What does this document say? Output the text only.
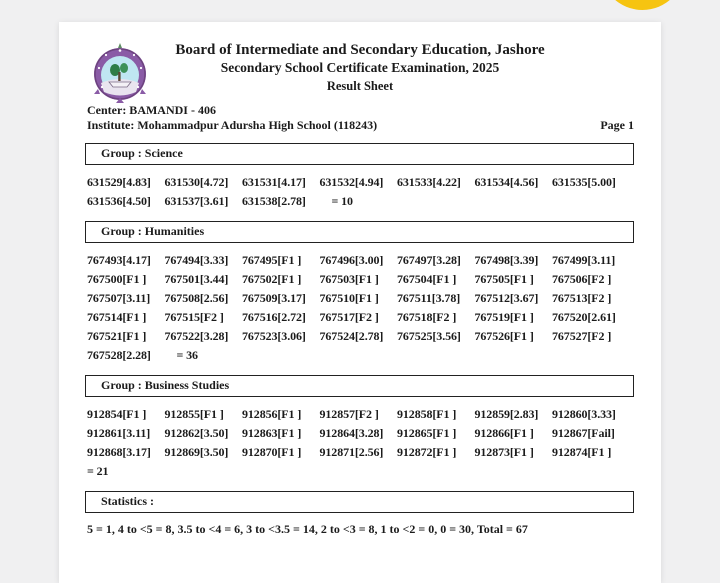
Board of Intermediate and Secondary Education, Jashore
Secondary School Certificate Examination, 2025
Result Sheet
Center: BAMANDI - 406
Institute: Mohammadpur Adursha High School (118243)	Page 1
Group : Science
631529[4.83]	631530[4.72]	631531[4.17]	631532[4.94]	631533[4.22]	631534[4.56]	631535[5.00]
631536[4.50]	631537[3.61]	631538[2.78]	= 10
Group : Humanities
767493[4.17]	767494[3.33]	767495[F1 ]	767496[3.00]	767497[3.28]	767498[3.39]	767499[3.11]
767500[F1 ]	767501[3.44]	767502[F1 ]	767503[F1 ]	767504[F1 ]	767505[F1 ]	767506[F2 ]
767507[3.11]	767508[2.56]	767509[3.17]	767510[F1 ]	767511[3.78]	767512[3.67]	767513[F2 ]
767514[F1 ]	767515[F2 ]	767516[2.72]	767517[F2 ]	767518[F2 ]	767519[F1 ]	767520[2.61]
767521[F1 ]	767522[3.28]	767523[3.06]	767524[2.78]	767525[3.56]	767526[F1 ]	767527[F2 ]
767528[2.28]	= 36
Group : Business Studies
912854[F1 ]	912855[F1 ]	912856[F1 ]	912857[F2 ]	912858[F1 ]	912859[2.83]	912860[3.33]
912861[3.11]	912862[3.50]	912863[F1 ]	912864[3.28]	912865[F1 ]	912866[F1 ]	912867[Fail]
912868[3.17]	912869[3.50]	912870[F1 ]	912871[2.56]	912872[F1 ]	912873[F1 ]	912874[F1 ]
= 21
Statistics :
5 = 1, 4 to <5 = 8, 3.5 to <4 = 6, 3 to <3.5 = 14, 2 to <3 = 8, 1 to <2 = 0, 0 = 30, Total = 67
